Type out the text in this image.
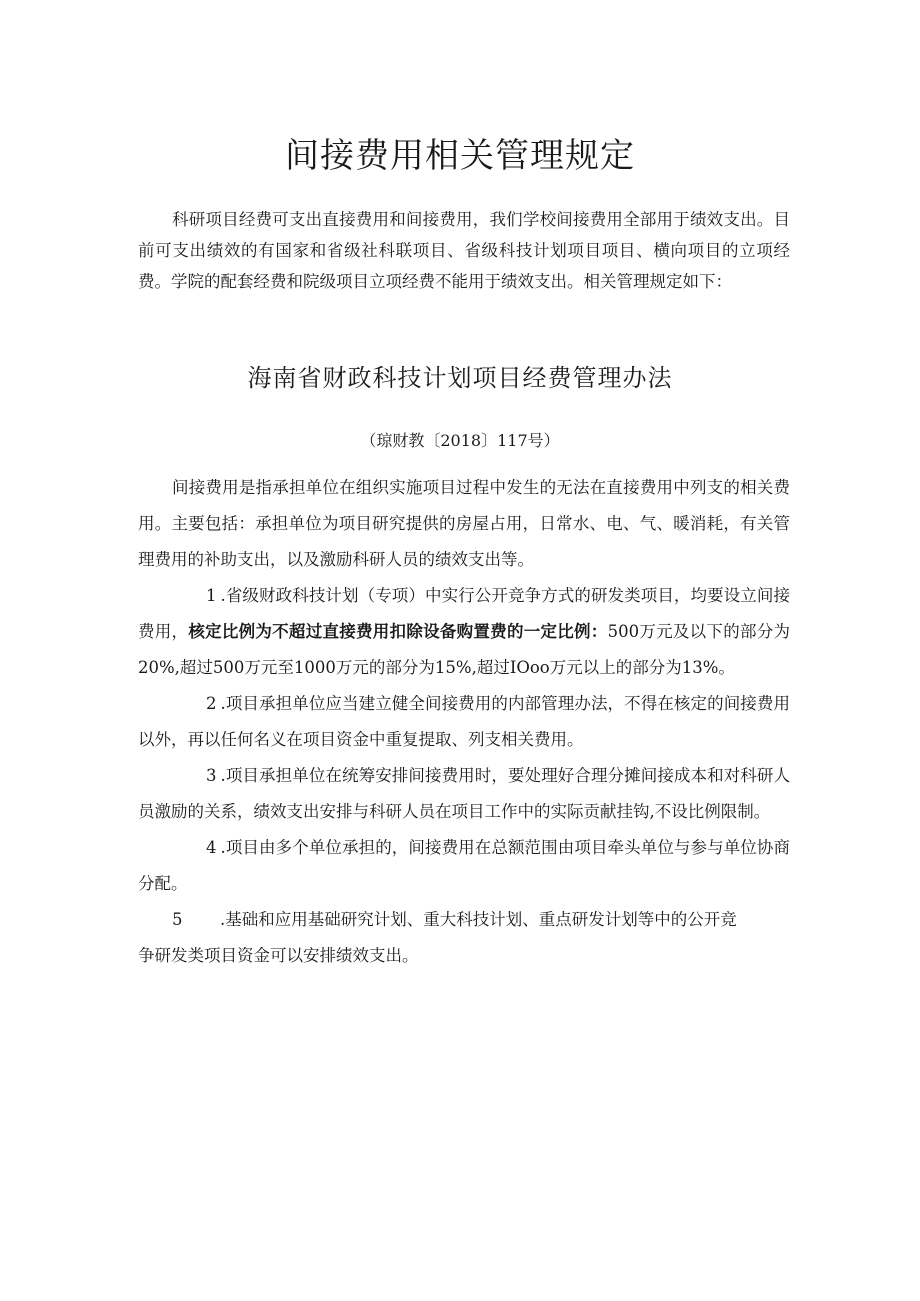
间接费用相关管理规定

科研项目经费可支出直接费用和间接费用，我们学校间接费用全部用于绩效支出。目前可支出绩效的有国家和省级社科联项目、省级科技计划项目项目、横向项目的立项经费。学院的配套经费和院级项目立项经费不能用于绩效支出。相关管理规定如下：

海南省财政科技计划项目经费管理办法

（琼财教〔2018〕117号）

间接费用是指承担单位在组织实施项目过程中发生的无法在直接费用中列支的相关费用。主要包括：承担单位为项目研究提供的房屋占用，日常水、电、气、暖消耗，有关管理费用的补助支出，以及激励科研人员的绩效支出等。

1 .省级财政科技计划（专项）中实行公开竞争方式的研发类项目，均要设立间接费用，核定比例为不超过直接费用扣除设备购置费的一定比例：500万元及以下的部分为20%,超过500万元至1000万元的部分为15%,超过IOoo万元以上的部分为13%。

2 .项目承担单位应当建立健全间接费用的内部管理办法，不得在核定的间接费用以外，再以任何名义在项目资金中重复提取、列支相关费用。

3 .项目承担单位在统筹安排间接费用时，要处理好合理分摊间接成本和对科研人员激励的关系，绩效支出安排与科研人员在项目工作中的实际贡献挂钩,不设比例限制。

4 .项目由多个单位承担的，间接费用在总额范围由项目牵头单位与参与单位协商分配。

5 .基础和应用基础研究计划、重大科技计划、重点研发计划等中的公开竞

争研发类项目资金可以安排绩效支出。
